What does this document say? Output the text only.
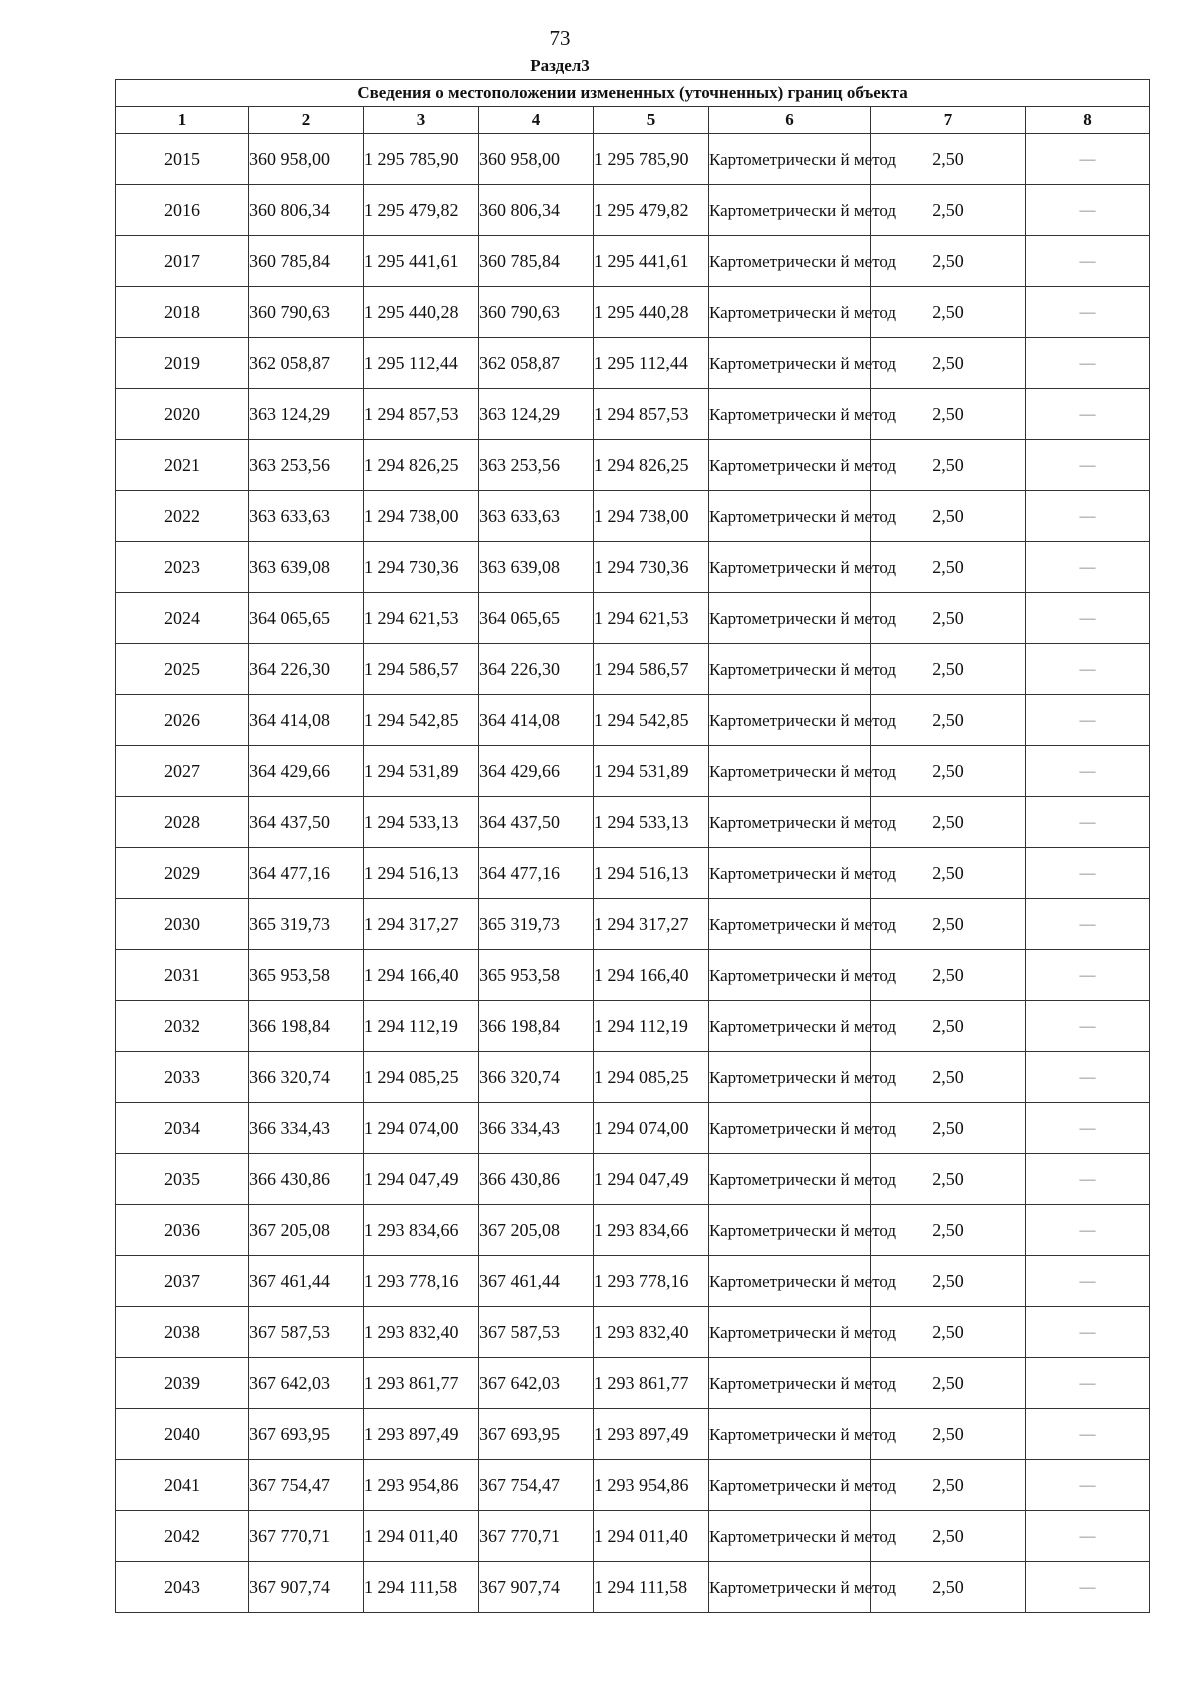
73
Раздел3
Сведения о местоположении измененных (уточненных) границ объекта							
1	2	3	4	5	6	7	8
2015	360 958,00	1 295 785,90	360 958,00	1 295 785,90	Картометрически й метод	2,50	—
2016	360 806,34	1 295 479,82	360 806,34	1 295 479,82	Картометрически й метод	2,50	—
2017	360 785,84	1 295 441,61	360 785,84	1 295 441,61	Картометрически й метод	2,50	—
2018	360 790,63	1 295 440,28	360 790,63	1 295 440,28	Картометрически й метод	2,50	—
2019	362 058,87	1 295 112,44	362 058,87	1 295 112,44	Картометрически й метод	2,50	—
2020	363 124,29	1 294 857,53	363 124,29	1 294 857,53	Картометрически й метод	2,50	—
2021	363 253,56	1 294 826,25	363 253,56	1 294 826,25	Картометрически й метод	2,50	—
2022	363 633,63	1 294 738,00	363 633,63	1 294 738,00	Картометрически й метод	2,50	—
2023	363 639,08	1 294 730,36	363 639,08	1 294 730,36	Картометрически й метод	2,50	—
2024	364 065,65	1 294 621,53	364 065,65	1 294 621,53	Картометрически й метод	2,50	—
2025	364 226,30	1 294 586,57	364 226,30	1 294 586,57	Картометрически й метод	2,50	—
2026	364 414,08	1 294 542,85	364 414,08	1 294 542,85	Картометрически й метод	2,50	—
2027	364 429,66	1 294 531,89	364 429,66	1 294 531,89	Картометрически й метод	2,50	—
2028	364 437,50	1 294 533,13	364 437,50	1 294 533,13	Картометрически й метод	2,50	—
2029	364 477,16	1 294 516,13	364 477,16	1 294 516,13	Картометрически й метод	2,50	—
2030	365 319,73	1 294 317,27	365 319,73	1 294 317,27	Картометрически й метод	2,50	—
2031	365 953,58	1 294 166,40	365 953,58	1 294 166,40	Картометрически й метод	2,50	—
2032	366 198,84	1 294 112,19	366 198,84	1 294 112,19	Картометрически й метод	2,50	—
2033	366 320,74	1 294 085,25	366 320,74	1 294 085,25	Картометрически й метод	2,50	—
2034	366 334,43	1 294 074,00	366 334,43	1 294 074,00	Картометрически й метод	2,50	—
2035	366 430,86	1 294 047,49	366 430,86	1 294 047,49	Картометрически й метод	2,50	—
2036	367 205,08	1 293 834,66	367 205,08	1 293 834,66	Картометрически й метод	2,50	—
2037	367 461,44	1 293 778,16	367 461,44	1 293 778,16	Картометрически й метод	2,50	—
2038	367 587,53	1 293 832,40	367 587,53	1 293 832,40	Картометрически й метод	2,50	—
2039	367 642,03	1 293 861,77	367 642,03	1 293 861,77	Картометрически й метод	2,50	—
2040	367 693,95	1 293 897,49	367 693,95	1 293 897,49	Картометрически й метод	2,50	—
2041	367 754,47	1 293 954,86	367 754,47	1 293 954,86	Картометрически й метод	2,50	—
2042	367 770,71	1 294 011,40	367 770,71	1 294 011,40	Картометрически й метод	2,50	—
2043	367 907,74	1 294 111,58	367 907,74	1 294 111,58	Картометрически й метод	2,50	—
